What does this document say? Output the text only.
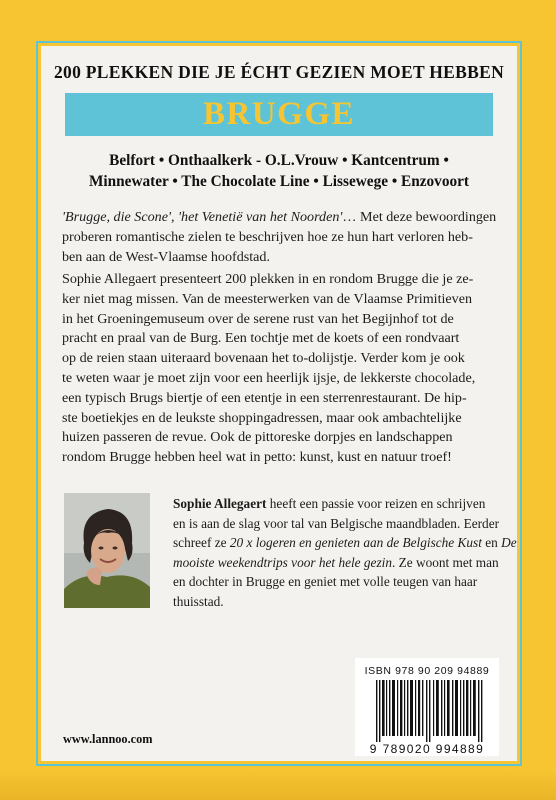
200 PLEKKEN DIE JE ÉCHT GEZIEN MOET HEBBEN
BRUGGE
Belfort • Onthaalkerk - O.L.Vrouw • Kantcentrum •
Minnewater • The Chocolate Line • Lissewege • Enzovoort
'Brugge, die Scone', 'het Venetië van het Noorden'… Met deze bewoordingen
proberen romantische zielen te beschrijven hoe ze hun hart verloren heb-
ben aan de West-Vlaamse hoofdstad.
Sophie Allegaert presenteert 200 plekken in en rondom Brugge die je ze-
ker niet mag missen. Van de meesterwerken van de Vlaamse Primitieven
in het Groeningemuseum over de serene rust van het Begijnhof tot de
pracht en praal van de Burg. Een tochtje met de koets of een rondvaart
op de reien staan uiteraard bovenaan het to-dolijstje. Verder kom je ook
te weten waar je moet zijn voor een heerlijk ijsje, de lekkerste chocolade,
een typisch Brugs biertje of een etentje in een sterrenrestaurant. De hip-
ste boetiekjes en de leukste shoppingadressen, maar ook ambachtelijke
huizen passeren de revue. Ook de pittoreske dorpjes en landschappen
rondom Brugge hebben heel wat in petto: kunst, kust en natuur troef!
Sophie Allegaert heeft een passie voor reizen en schrijven
en is aan de slag voor tal van Belgische maandbladen. Eerder
schreef ze 20 x logeren en genieten aan de Belgische Kust en De
mooiste weekendtrips voor het hele gezin. Ze woont met man
en dochter in Brugge en geniet met volle teugen van haar
thuisstad.
ISBN 978 90 209 94889
9 789020 994889
www.lannoo.com
